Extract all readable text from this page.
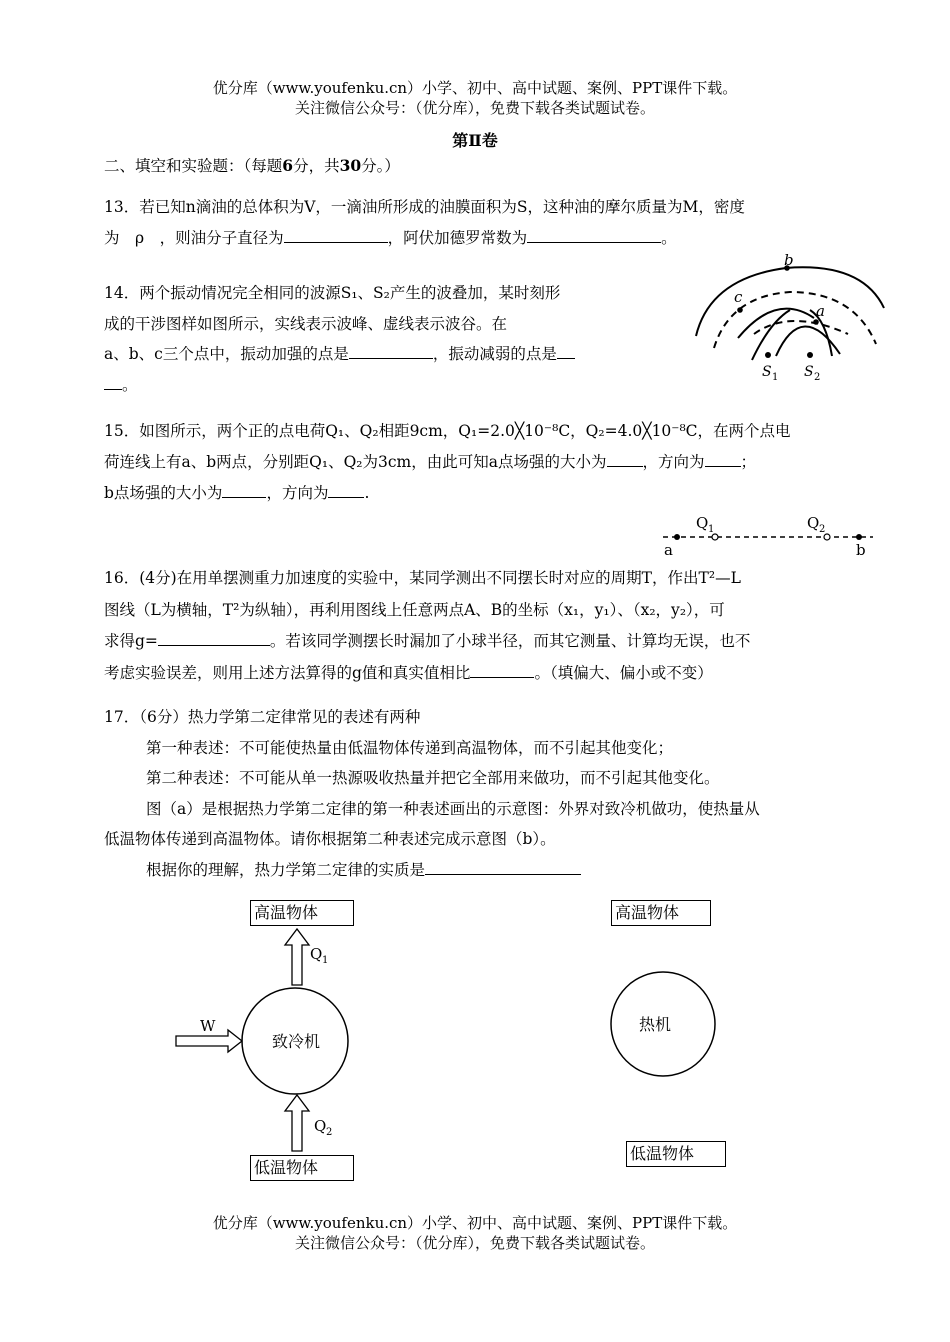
优分库（www.youfenku.cn）小学、初中、高中试题、案例、PPT课件下载。
关注微信公众号：（优分库），免费下载各类试题试卷。
第Ⅱ卷
二、填空和实验题：（每题6分，共30分。）
13．若已知n滴油的总体积为V，一滴油所形成的油膜面积为S，这种油的摩尔质量为M，密度
为　ρ　，则油分子直径为	，阿伏加德罗常数为	。
14．两个振动情况完全相同的波源S₁、S₂产生的波叠加，某时刻形
成的干涉图样如图所示，实线表示波峰、虚线表示波谷。在
a、b、c三个点中，振动加强的点是	，振动减弱的点是
。
b
c
a
S 1 S 2
15．如图所示，两个正的点电荷Q₁、Q₂相距9cm，Q₁=2.0╳10⁻⁸C，Q₂=4.0╳10⁻⁸C，在两个点电
荷连线上有a、b两点，分别距Q₁、Q₂为3cm，由此可知a点场强的大小为 ，方向为 ；
b点场强的大小为	，方向为 .
Q 1	Q 2
a	b
16．(4分)在用单摆测重力加速度的实验中，某同学测出不同摆长时对应的周期T，作出T²—L
图线（L为横轴，T²为纵轴），再利用图线上任意两点A、B的坐标（x₁，y₁）、（x₂，y₂），可
求得g=	。若该同学测摆长时漏加了小球半径，而其它测量、计算均无误，也不
考虑实验误差，则用上述方法算得的g值和真实值相比	。（填偏大、偏小或不变）
17．（6分）热力学第二定律常见的表述有两种
第一种表述：不可能使热量由低温物体传递到高温物体，而不引起其他变化；
第二种表述：不可能从单一热源吸收热量并把它全部用来做功，而不引起其他变化。
图（a）是根据热力学第二定律的第一种表述画出的示意图：外界对致冷机做功，使热量从
低温物体传递到高温物体。请你根据第二种表述完成示意图（b）。
根据你的理解，热力学第二定律的实质是
高温物体
致冷机
W
Q 1
Q 2
低温物体
高温物体
热机
低温物体
优分库（www.youfenku.cn）小学、初中、高中试题、案例、PPT课件下载。
关注微信公众号：（优分库），免费下载各类试题试卷。
